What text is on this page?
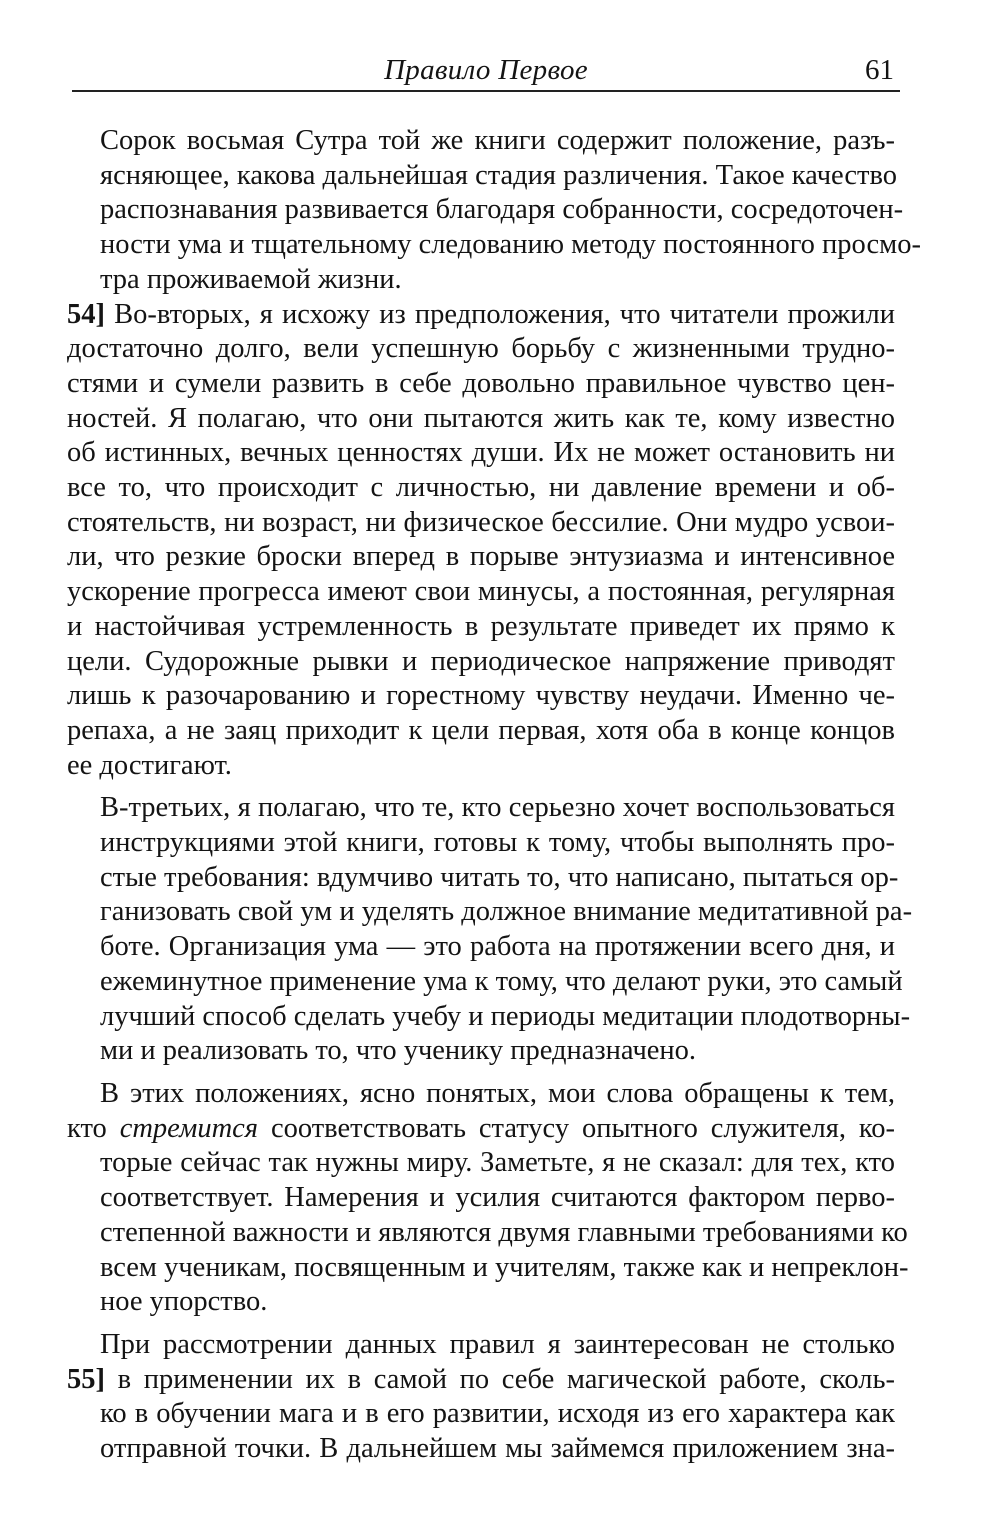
Правило Первое	61
Сорок восьмая Сутра той же книги содержит положение, разъ-
ясняющее, какова дальнейшая стадия различения. Такое качество
распознавания развивается благодаря собранности, сосредоточен-
ности ума и тщательному следованию методу постоянного просмо-
тра проживаемой жизни.
54] Во-вторых, я исхожу из предположения, что читатели прожили
достаточно долго, вели успешную борьбу с жизненными трудно-
стями и сумели развить в себе довольно правильное чувство цен-
ностей. Я полагаю, что они пытаются жить как те, кому известно
об истинных, вечных ценностях души. Их не может остановить ни
все то, что происходит с личностью, ни давление времени и об-
стоятельств, ни возраст, ни физическое бессилие. Они мудро усвои-
ли, что резкие броски вперед в порыве энтузиазма и интенсивное
ускорение прогресса имеют свои минусы, а постоянная, регулярная
и настойчивая устремленность в результате приведет их прямо к
цели. Судорожные рывки и периодическое напряжение приводят
лишь к разочарованию и горестному чувству неудачи. Именно че-
репаха, а не заяц приходит к цели первая, хотя оба в конце концов
ее достигают.
В-третьих, я полагаю, что те, кто серьезно хочет воспользоваться
инструкциями этой книги, готовы к тому, чтобы выполнять про-
стые требования: вдумчиво читать то, что написано, пытаться ор-
ганизовать свой ум и уделять должное внимание медитативной ра-
боте. Организация ума — это работа на протяжении всего дня, и
ежеминутное применение ума к тому, что делают руки, это самый
лучший способ сделать учебу и периоды медитации плодотворны-
ми и реализовать то, что ученику предназначено.
В этих положениях, ясно понятых, мои слова обращены к тем,
кто стремится соответствовать статусу опытного служителя, ко-
торые сейчас так нужны миру. Заметьте, я не сказал: для тех, кто
соответствует. Намерения и усилия считаются фактором перво-
степенной важности и являются двумя главными требованиями ко
всем ученикам, посвященным и учителям, также как и непреклон-
ное упорство.
При рассмотрении данных правил я заинтересован не столько
55] в применении их в самой по себе магической работе, сколь-
ко в обучении мага и в его развитии, исходя из его характера как
отправной точки. В дальнейшем мы займемся приложением зна-
